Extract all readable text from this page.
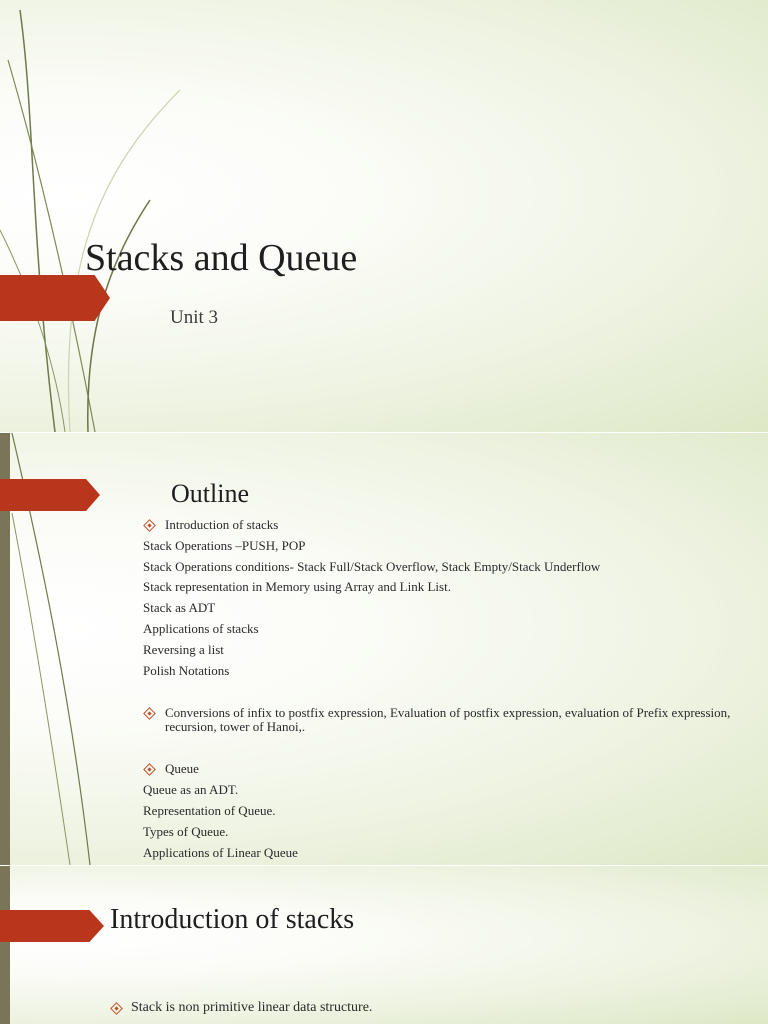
Stacks and Queue
Unit 3
Outline
Introduction of stacks
Stack Operations –PUSH, POP
Stack Operations conditions- Stack Full/Stack Overflow, Stack Empty/Stack Underflow
Stack representation in Memory using Array and Link List.
Stack as ADT
Applications of stacks
Reversing a list
Polish Notations
Conversions of infix to postfix expression, Evaluation of postfix expression, evaluation of Prefix expression, recursion, tower of Hanoi,.
Queue
Queue as an ADT.
Representation of Queue.
Types of Queue.
Applications of Linear Queue
Introduction of stacks
Stack is non primitive linear data structure.
